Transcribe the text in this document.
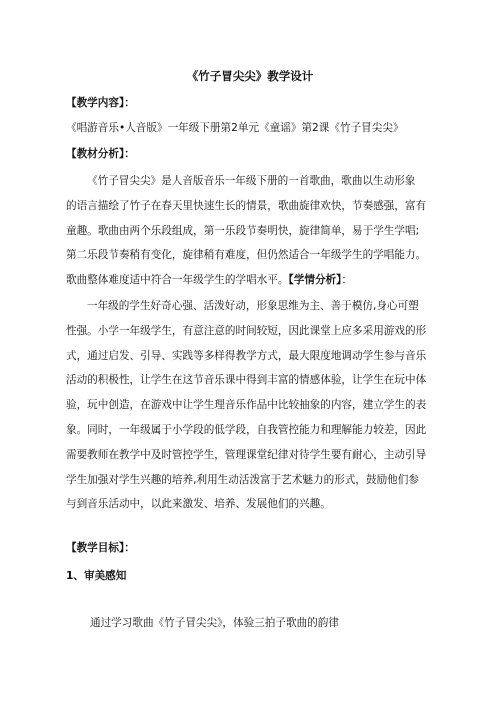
《竹子冒尖尖》教学设计
【教学内容】：
《唱游音乐•人音版》一年级下册第2单元《童谣》第2课《竹子冒尖尖》
【教材分析】：
《竹子冒尖尖》是人音版音乐一年级下册的一首歌曲，歌曲以生动形象
的语言描绘了竹子在春天里快速生长的情景，歌曲旋律欢快，节奏感强，富有
童趣。歌曲由两个乐段组成，第一乐段节奏明快，旋律简单，易于学生学唱;
第二乐段节奏稍有变化，旋律稍有难度，但仍然适合一年级学生的学唱能力。
歌曲整体难度适中符合一年级学生的学唱水平。【学情分析】：
一年级的学生好奇心强、活泼好动，形象思维为主、善于模仿,身心可塑
性强。小学一年级学生，有意注意的时间较短，因此课堂上应多采用游戏的形
式，通过启发、引导、实践等多样得教学方式，最大限度地调动学生参与音乐
活动的积极性，让学生在这节音乐课中得到丰富的情感体验，让学生在玩中体
验，玩中创造，在游戏中让学生理音乐作品中比较抽象的内容，建立学生的表
象。同时，一年级属于小学段的低学段，自我管控能力和理解能力较差，因此
需要教师在教学中及时管控学生，管理课堂纪律对待学生要有耐心，主动引导
学生加强对学生兴趣的培养,利用生动活泼富于艺术魅力的形式，鼓励他们参
与到音乐活动中，以此来激发、培养、发展他们的兴趣。
【教学目标】：
1、审美感知
通过学习歌曲《竹子冒尖尖》，体验三拍子歌曲的韵律
